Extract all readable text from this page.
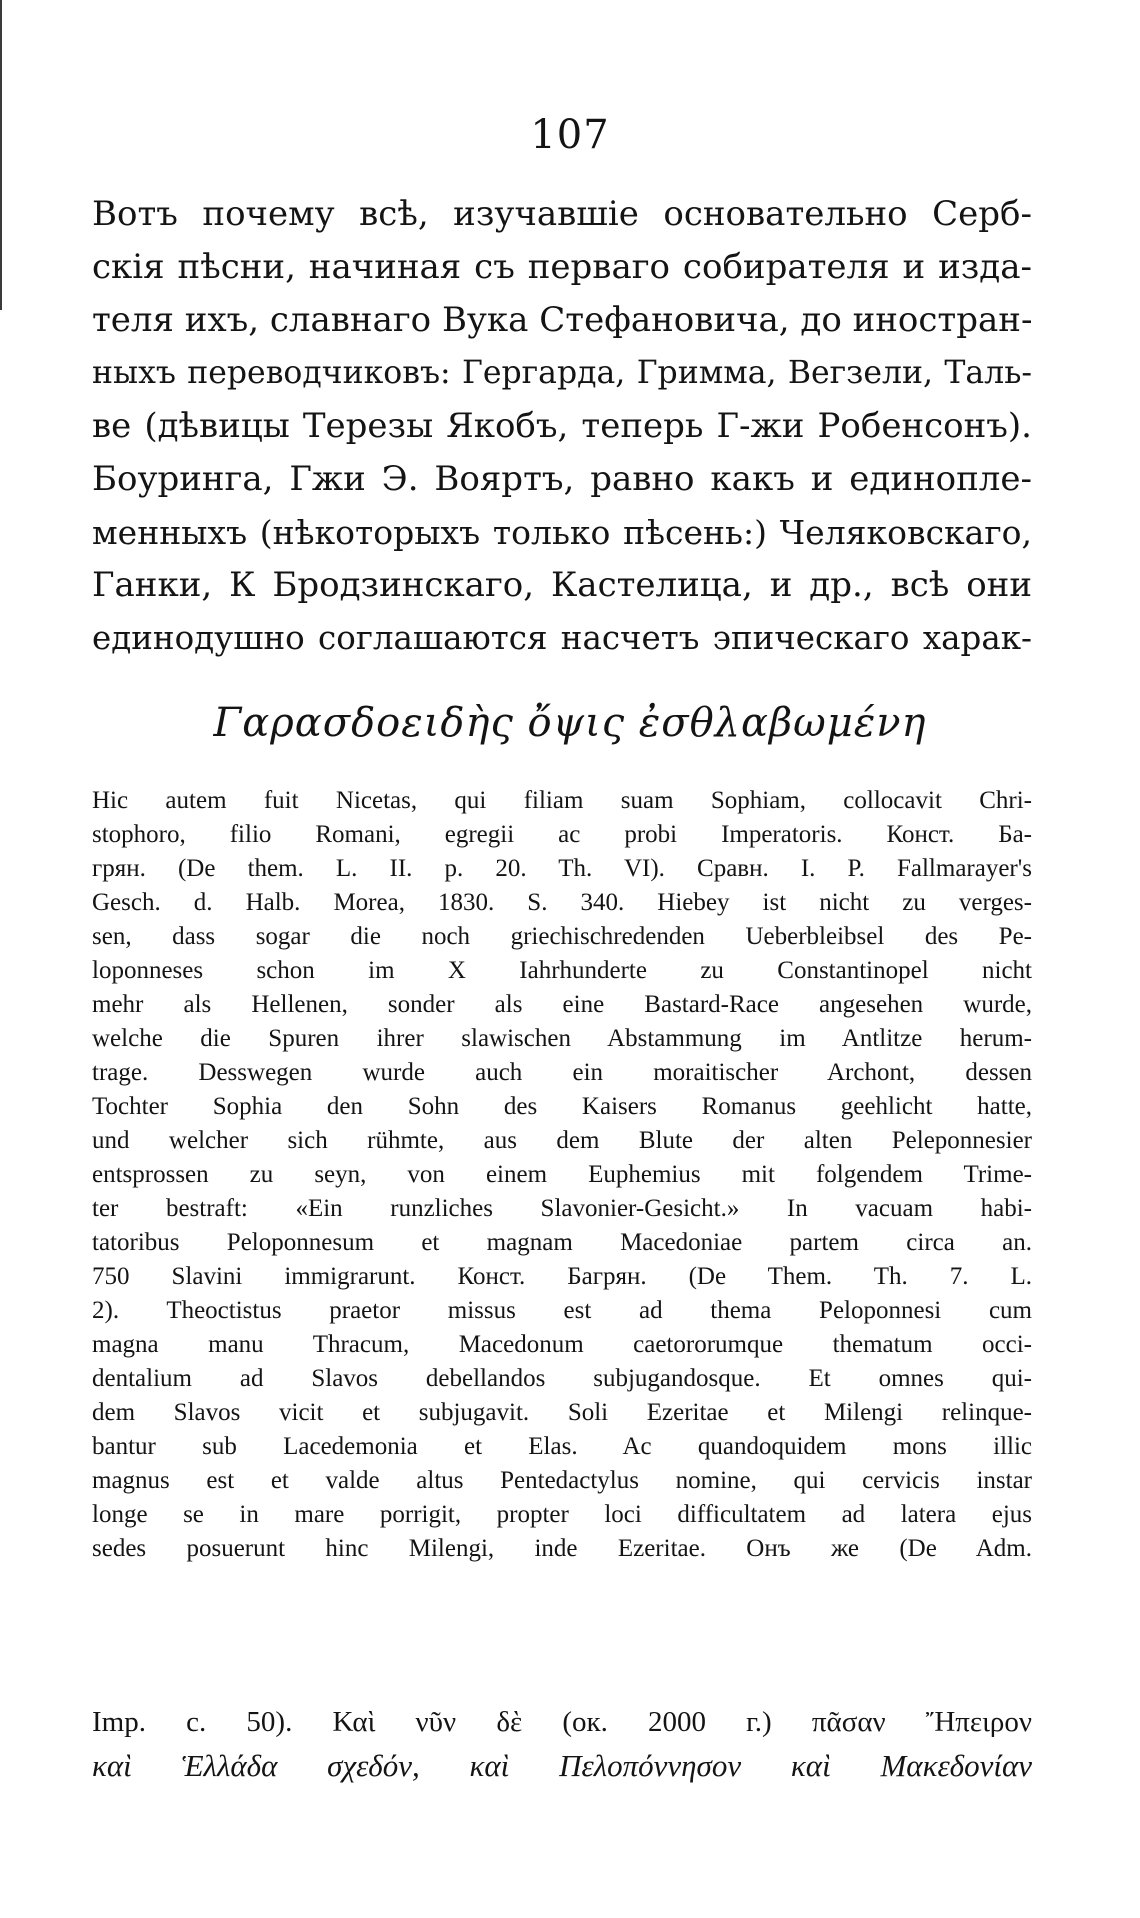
107
Вотъ почему всѣ, изучавшіе основательно Серб-
скія пѣсни, начиная съ перваго собирателя и изда-
теля ихъ, славнаго Вука Стефановича, до иностран-
ныхъ переводчиковъ: Гергарда, Гримма, Вегзели, Таль-
ве (дѣвицы Терезы Якобъ, теперь Г-жи Робенсонъ).
Боуринга, Гжи Э. Вояртъ, равно какъ и единопле-
менныхъ (нѣкоторыхъ только пѣсень:) Челяковскаго,
Ганки, К Бродзинскаго, Кастелица, и др., всѣ они
единодушно соглашаются насчетъ эпическаго харак-
Γαρασδοειδὴς ὄψις ἐσθλαβωμένη
Hic autem fuit Nicetas, qui filiam suam Sophiam, collocavit Chri-
stophoro, filio Romani, egregii ac probi Imperatoris. Конст. Ба-
грян. (De them. L. II. p. 20. Th. VI). Сравн. I. P. Fallmarayer's
Gesch. d. Halb. Morea, 1830. S. 340. Hiebey ist nicht zu verges-
sen, dass sogar die noch griechischredenden Ueberbleibsel des Pe-
loponneses schon im X Iahrhunderte zu Constantinopel nicht
mehr als Hellenen, sonder als eine Bastard-Race angesehen wurde,
welche die Spuren ihrer slawischen Abstammung im Antlitze herum-
trage. Desswegen wurde auch ein moraitischer Archont, dessen
Tochter Sophia den Sohn des Kaisers Romanus geehlicht hatte,
und welcher sich rühmte, aus dem Blute der alten Peleponnesier
entsprossen zu seyn, von einem Euphemius mit folgendem Trime-
ter bestraft: «Ein runzliches Slavonier-Gesicht.» In vacuam habi-
tatoribus Peloponnesum et magnam Macedoniae partem circa an.
750 Slavini immigrarunt. Конст. Багрян. (De Them. Th. 7. L.
2). Theoctistus praetor missus est ad thema Peloponnesi cum
magna manu Thracum, Macedonum caetororumque thematum occi-
dentalium ad Slavos debellandos subjugandosque. Et omnes qui-
dem Slavos vicit et subjugavit. Soli Ezeritae et Milengi relinque-
bantur sub Lacedemonia et Elas. Ac quandoquidem mons illic
magnus est et valde altus Pentedactylus nomine, qui cervicis instar
longe se in mare porrigit, propter loci difficultatem ad latera ejus
sedes posuerunt hinc Milengi, inde Ezeritae. Онъ же (De Adm.
Imp. c. 50). Καὶ νῦν δὲ (ок. 2000 г.) πᾶσαν Ἤπειρον
καὶ Ἑλλάδα σχεδόν, καὶ Πελοπόννησον καὶ Μακεδονίαν
